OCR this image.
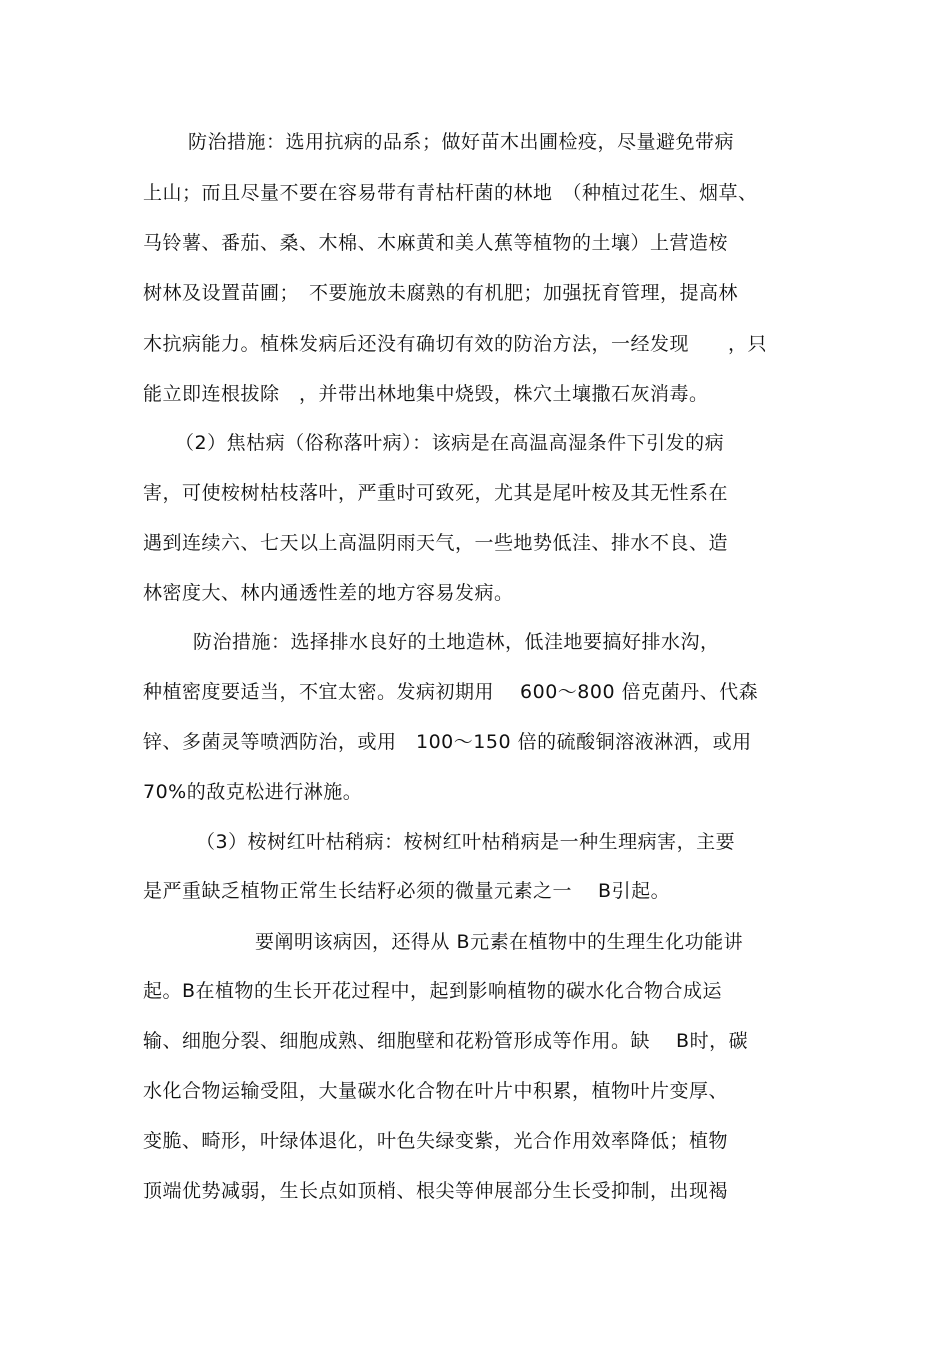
防治措施：选用抗病的品系；做好苗木出圃检疫，尽量避免带病
上山；而且尽量不要在容易带有青枯杆菌的林地　（种植过花生、烟草、
马铃薯、番茄、桑、木棉、木麻黄和美人蕉等植物的土壤）上营造桉
树林及设置苗圃；　不要施放未腐熟的有机肥；加强抚育管理，提高林
木抗病能力。植株发病后还没有确切有效的防治方法，一经发现　　，只
能立即连根拔除　，并带出林地集中烧毁，株穴土壤撒石灰消毒。
（2）焦枯病（俗称落叶病）：该病是在高温高湿条件下引发的病
害，可使桉树枯枝落叶，严重时可致死，尤其是尾叶桉及其无性系在
遇到连续六、七天以上高温阴雨天气，一些地势低洼、排水不良、造
林密度大、林内通透性差的地方容易发病。
防治措施：选择排水良好的土地造林，低洼地要搞好排水沟，
种植密度要适当，不宜太密。发病初期用　 600～800 倍克菌丹、代森
锌、多菌灵等喷洒防治，或用　100～150 倍的硫酸铜溶液淋洒，或用
70%的敌克松进行淋施。
（3）桉树红叶枯稍病：桉树红叶枯稍病是一种生理病害，主要
是严重缺乏植物正常生长结籽必须的微量元素之一　 B引起。
要阐明该病因，还得从 B元素在植物中的生理生化功能讲
起。B在植物的生长开花过程中，起到影响植物的碳水化合物合成运
输、细胞分裂、细胞成熟、细胞壁和花粉管形成等作用。缺　 B时，碳
水化合物运输受阻，大量碳水化合物在叶片中积累，植物叶片变厚、
变脆、畸形，叶绿体退化，叶色失绿变紫，光合作用效率降低；植物
顶端优势减弱，生长点如顶梢、根尖等伸展部分生长受抑制，出现褐
